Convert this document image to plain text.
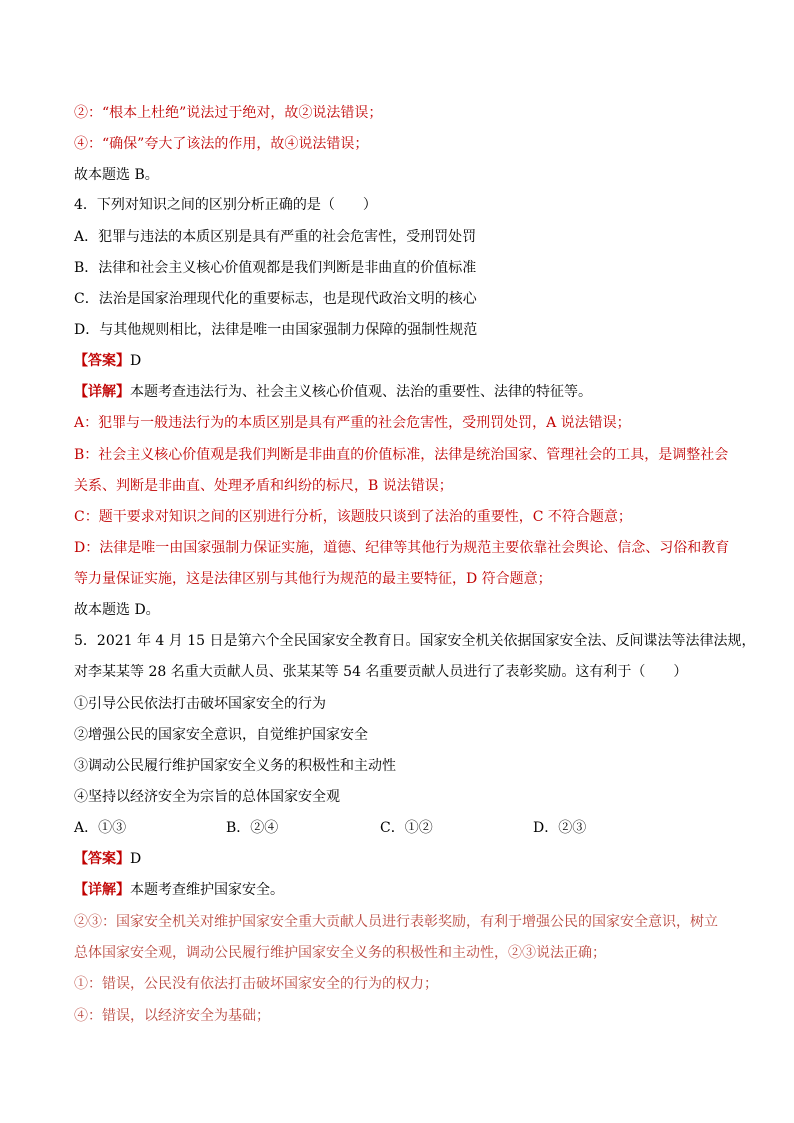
②：“根本上杜绝”说法过于绝对，故②说法错误；
④：“确保”夸大了该法的作用，故④说法错误；
故本题选 B。
4．下列对知识之间的区别分析正确的是（　　）
A．犯罪与违法的本质区别是具有严重的社会危害性，受刑罚处罚
B．法律和社会主义核心价值观都是我们判断是非曲直的价值标准
C．法治是国家治理现代化的重要标志，也是现代政治文明的核心
D．与其他规则相比，法律是唯一由国家强制力保障的强制性规范
【答案】D
【详解】本题考查违法行为、社会主义核心价值观、法治的重要性、法律的特征等。
A：犯罪与一般违法行为的本质区别是具有严重的社会危害性，受刑罚处罚，A 说法错误；
B：社会主义核心价值观是我们判断是非曲直的价值标准，法律是统治国家、管理社会的工具，是调整社会
关系、判断是非曲直、处理矛盾和纠纷的标尺，B 说法错误；
C：题干要求对知识之间的区别进行分析，该题肢只谈到了法治的重要性，C 不符合题意；
D：法律是唯一由国家强制力保证实施，道德、纪律等其他行为规范主要依靠社会舆论、信念、习俗和教育
等力量保证实施，这是法律区别与其他行为规范的最主要特征，D 符合题意；
故本题选 D。
5．2021 年 4 月 15 日是第六个全民国家安全教育日。国家安全机关依据国家安全法、反间谍法等法律法规，
对李某某等 28 名重大贡献人员、张某某等 54 名重要贡献人员进行了表彰奖励。这有利于（　　）
①引导公民依法打击破坏国家安全的行为
②增强公民的国家安全意识，自觉维护国家安全
③调动公民履行维护国家安全义务的积极性和主动性
④坚持以经济安全为宗旨的总体国家安全观
A．①③	B．②④	C．①②	D．②③
【答案】D
【详解】本题考查维护国家安全。
②③：国家安全机关对维护国家安全重大贡献人员进行表彰奖励，有利于增强公民的国家安全意识，树立
总体国家安全观，调动公民履行维护国家安全义务的积极性和主动性，②③说法正确；
①：错误，公民没有依法打击破坏国家安全的行为的权力；
④：错误，以经济安全为基础；
